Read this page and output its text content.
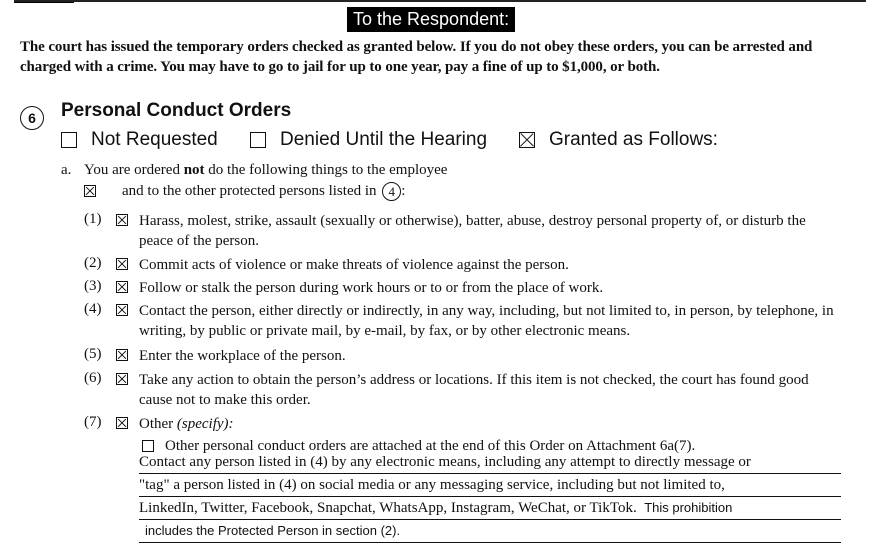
To the Respondent:
The court has issued the temporary orders checked as granted below. If you do not obey these orders, you can be arrested and charged with a crime. You may have to go to jail for up to one year, pay a fine of up to $1,000, or both.
6	Personal Conduct Orders
Not Requested	Denied Until the Hearing	Granted as Follows:
a. You are ordered not do the following things to the employee
and to the other protected persons listed in 4 :
(1)	Harass, molest, strike, assault (sexually or otherwise), batter, abuse, destroy personal property of, or disturb the peace of the person.
(2)	Commit acts of violence or make threats of violence against the person.
(3)	Follow or stalk the person during work hours or to or from the place of work.
(4)	Contact the person, either directly or indirectly, in any way, including, but not limited to, in person, by telephone, in writing, by public or private mail, by e-mail, by fax, or by other electronic means.
(5)	Enter the workplace of the person.
(6)	Take any action to obtain the person’s address or locations. If this item is not checked, the court has found good cause not to make this order.
(7)	Other (specify):
Other personal conduct orders are attached at the end of this Order on Attachment 6a(7).
Contact any person listed in (4) by any electronic means, including any attempt to directly message or
"tag" a person listed in (4) on social media or any messaging service, including but not limited to,
LinkedIn, Twitter, Facebook, Snapchat, WhatsApp, Instagram, WeChat, or TikTok. This prohibition
includes the Protected Person in section (2).
